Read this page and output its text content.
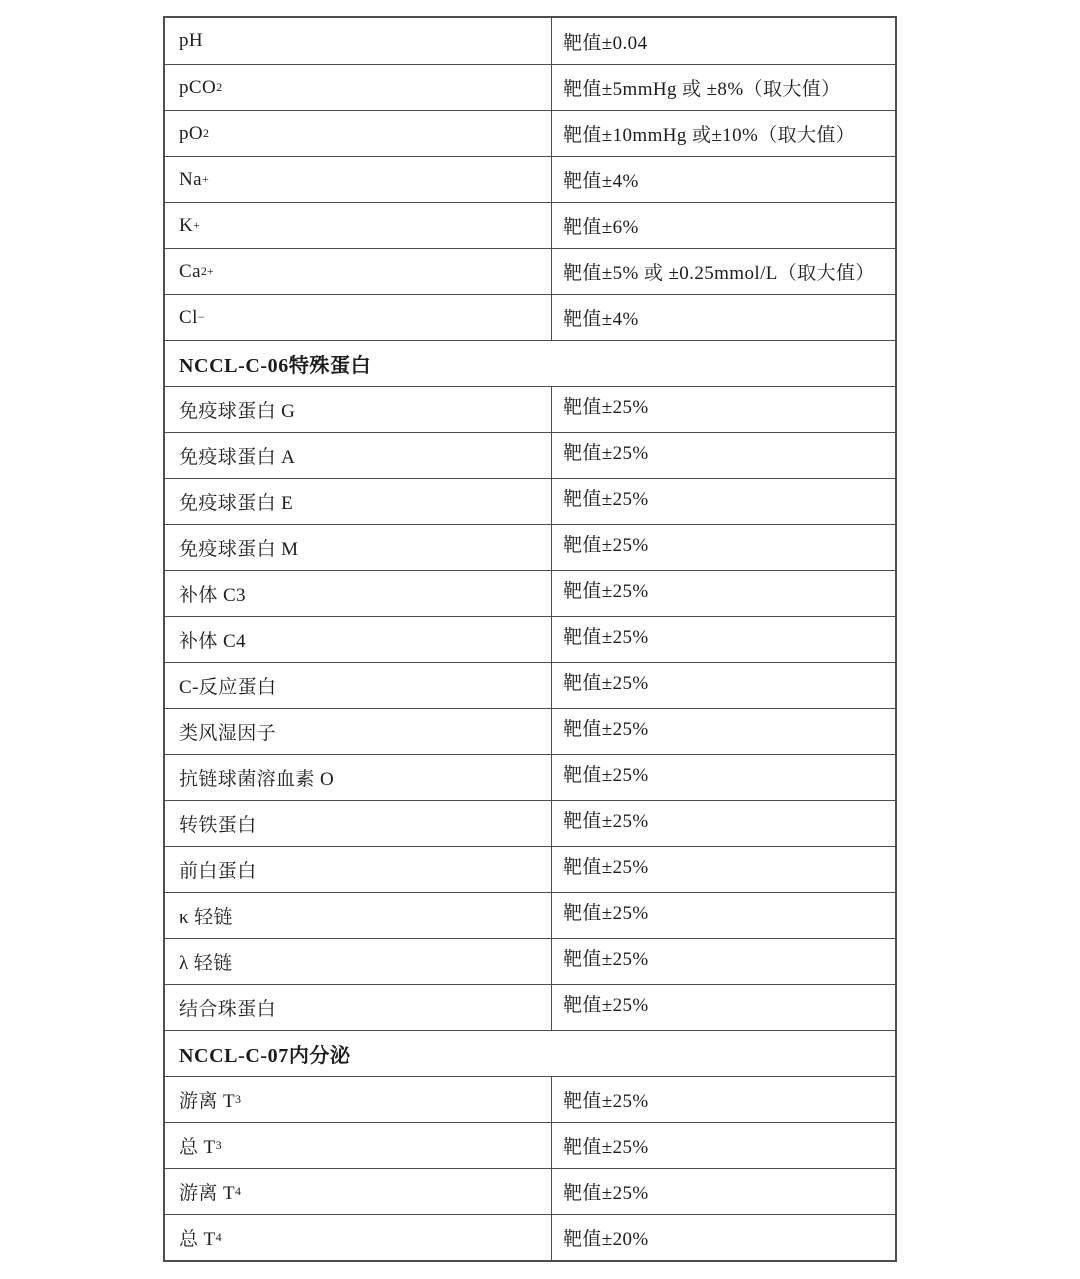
pH	靶值±0.04
pCO 2	靶值±5mmHg 或 ±8%（取大值）
pO 2	靶值±10mmHg 或±10%（取大值）
Na +	靶值±4%
K +	靶值±6%
Ca 2+	靶值±5% 或 ±0.25mmol/L（取大值）
Cl −	靶值±4%
NCCL-C-06特殊蛋白
免疫球蛋白 G	靶值±25%
免疫球蛋白 A	靶值±25%
免疫球蛋白 E	靶值±25%
免疫球蛋白 M	靶值±25%
补体 C3	靶值±25%
补体 C4	靶值±25%
C-反应蛋白	靶值±25%
类风湿因子	靶值±25%
抗链球菌溶血素 O	靶值±25%
转铁蛋白	靶值±25%
前白蛋白	靶值±25%
κ 轻链	靶值±25%
λ 轻链	靶值±25%
结合珠蛋白	靶值±25%
NCCL-C-07内分泌
游离 T 3	靶值±25%
总 T 3	靶值±25%
游离 T 4	靶值±25%
总 T 4	靶值±20%
